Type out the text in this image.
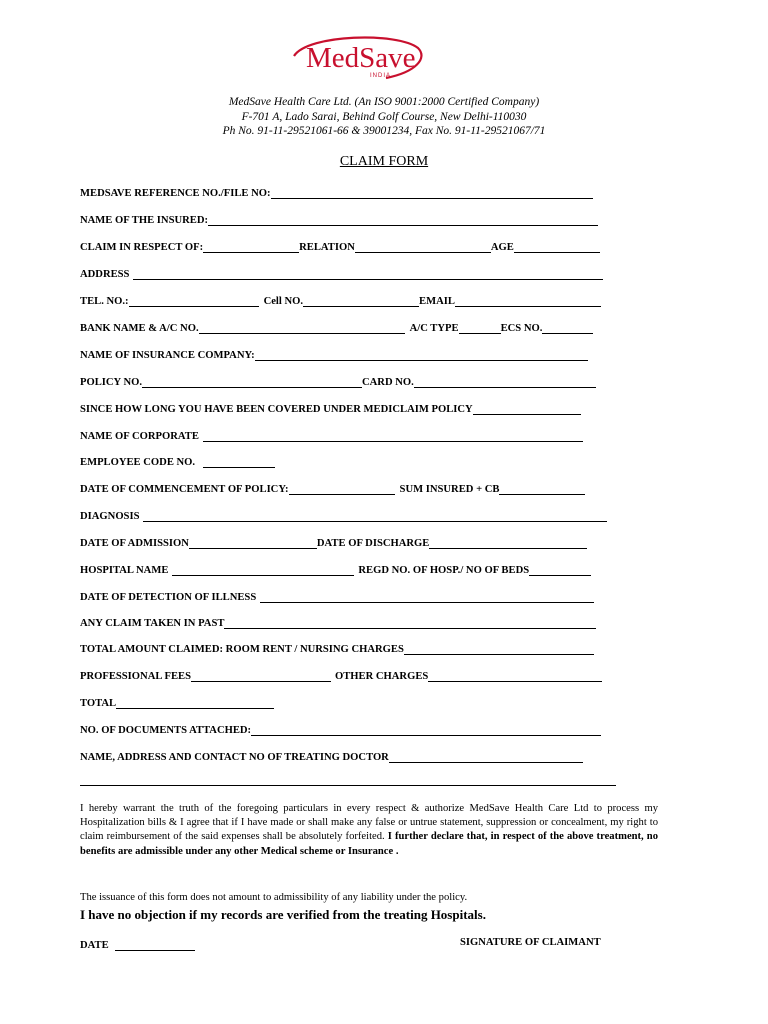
MedSave
INDIA
MedSave Health Care Ltd. (An ISO 9001:2000 Certified Company)
F-701 A, Lado Sarai, Behind Golf Course, New Delhi-110030
Ph No. 91-11-29521061-66 & 39001234, Fax No. 91-11-29521067/71
CLAIM FORM
MEDSAVE REFERENCE NO./FILE NO:
NAME OF THE INSURED:
CLAIM IN RESPECT OF:	RELATION	AGE
ADDRESS
TEL. NO.:	Cell NO.	EMAIL
BANK NAME & A/C NO.	A/C TYPE	ECS NO.
NAME OF INSURANCE COMPANY:
POLICY NO.	CARD NO.
SINCE HOW LONG YOU HAVE BEEN COVERED UNDER MEDICLAIM POLICY
NAME OF CORPORATE
EMPLOYEE CODE NO.
DATE OF COMMENCEMENT OF POLICY:	SUM INSURED + CB
DIAGNOSIS
DATE OF ADMISSION	DATE OF DISCHARGE
HOSPITAL NAME	REGD NO. OF HOSP./ NO OF BEDS
DATE OF DETECTION OF ILLNESS
ANY CLAIM TAKEN IN PAST
TOTAL AMOUNT CLAIMED: ROOM RENT / NURSING CHARGES
PROFESSIONAL FEES	OTHER CHARGES
TOTAL
NO. OF DOCUMENTS ATTACHED:
NAME, ADDRESS AND CONTACT NO OF TREATING DOCTOR
I hereby warrant the truth of the foregoing particulars in every respect & authorize MedSave Health Care Ltd to process my Hospitalization bills & I agree that if I have made or shall make any false or untrue statement, suppression or concealment, my right to claim reimbursement of the said expenses shall be absolutely forfeited. I further declare that, in respect of the above treatment, no benefits are admissible under any other Medical scheme or Insurance .
The issuance of this form does not amount to admissibility of any liability under the policy.
I have no objection if my records are verified from the treating Hospitals.
DATE	SIGNATURE OF CLAIMANT
